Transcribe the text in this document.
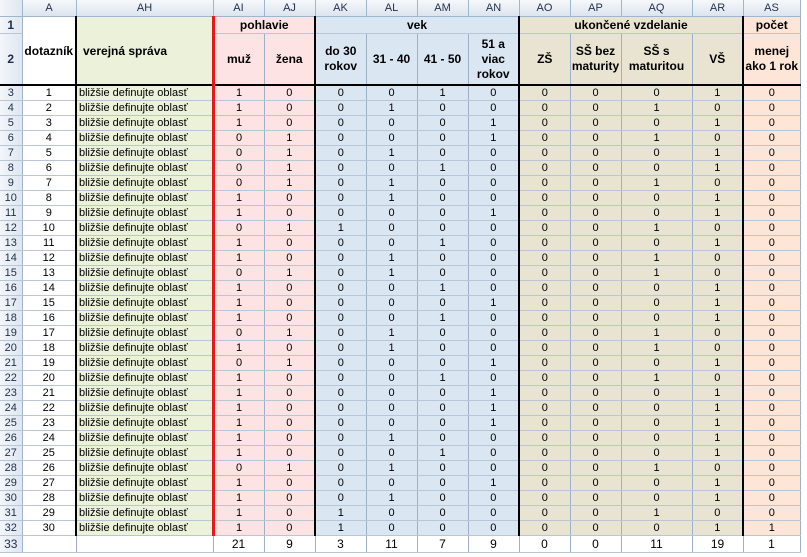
	A	AH	AI	AJ	AK	AL	AM	AN	AO	AP	AQ	AR	AS
1	dotazník	verejná správa	pohlavie		vek				ukončené vzdelanie				počet
2			muž	žena	do 30 rokov	31 - 40	41 - 50	51 a viac rokov	ZŠ	SŠ bez maturity	SŠ s maturitou	VŠ	menej ako 1 rok
3	1	bližšie definujte oblasť	1	0	0	0	1	0	0	0	0	1	0
4	2	bližšie definujte oblasť	1	0	0	1	0	0	0	0	1	0	0
5	3	bližšie definujte oblasť	1	0	0	0	0	1	0	0	0	1	0
6	4	bližšie definujte oblasť	0	1	0	0	0	1	0	0	1	0	0
7	5	bližšie definujte oblasť	0	1	0	1	0	0	0	0	0	1	0
8	6	bližšie definujte oblasť	0	1	0	0	1	0	0	0	0	1	0
9	7	bližšie definujte oblasť	0	1	0	1	0	0	0	0	1	0	0
10	8	bližšie definujte oblasť	1	0	0	1	0	0	0	0	0	1	0
11	9	bližšie definujte oblasť	1	0	0	0	0	1	0	0	0	1	0
12	10	bližšie definujte oblasť	0	1	1	0	0	0	0	0	1	0	0
13	11	bližšie definujte oblasť	1	0	0	0	1	0	0	0	0	1	0
14	12	bližšie definujte oblasť	1	0	0	1	0	0	0	0	1	0	0
15	13	bližšie definujte oblasť	0	1	0	1	0	0	0	0	1	0	0
16	14	bližšie definujte oblasť	1	0	0	0	1	0	0	0	0	1	0
17	15	bližšie definujte oblasť	1	0	0	0	0	1	0	0	0	1	0
18	16	bližšie definujte oblasť	1	0	0	0	1	0	0	0	0	1	0
19	17	bližšie definujte oblasť	0	1	0	1	0	0	0	0	1	0	0
20	18	bližšie definujte oblasť	1	0	0	1	0	0	0	0	1	0	0
21	19	bližšie definujte oblasť	0	1	0	0	0	1	0	0	0	1	0
22	20	bližšie definujte oblasť	1	0	0	0	1	0	0	0	1	0	0
23	21	bližšie definujte oblasť	1	0	0	0	0	1	0	0	0	1	0
24	22	bližšie definujte oblasť	1	0	0	0	0	1	0	0	0	1	0
25	23	bližšie definujte oblasť	1	0	0	0	0	1	0	0	0	1	0
26	24	bližšie definujte oblasť	1	0	0	1	0	0	0	0	0	1	0
27	25	bližšie definujte oblasť	1	0	0	0	1	0	0	0	0	1	0
28	26	bližšie definujte oblasť	0	1	0	1	0	0	0	0	1	0	0
29	27	bližšie definujte oblasť	1	0	0	0	0	1	0	0	0	1	0
30	28	bližšie definujte oblasť	1	0	0	1	0	0	0	0	0	1	0
31	29	bližšie definujte oblasť	1	0	1	0	0	0	0	0	1	0	0
32	30	bližšie definujte oblasť	1	0	1	0	0	0	0	0	0	1	1
33			21	9	3	11	7	9	0	0	11	19	1
